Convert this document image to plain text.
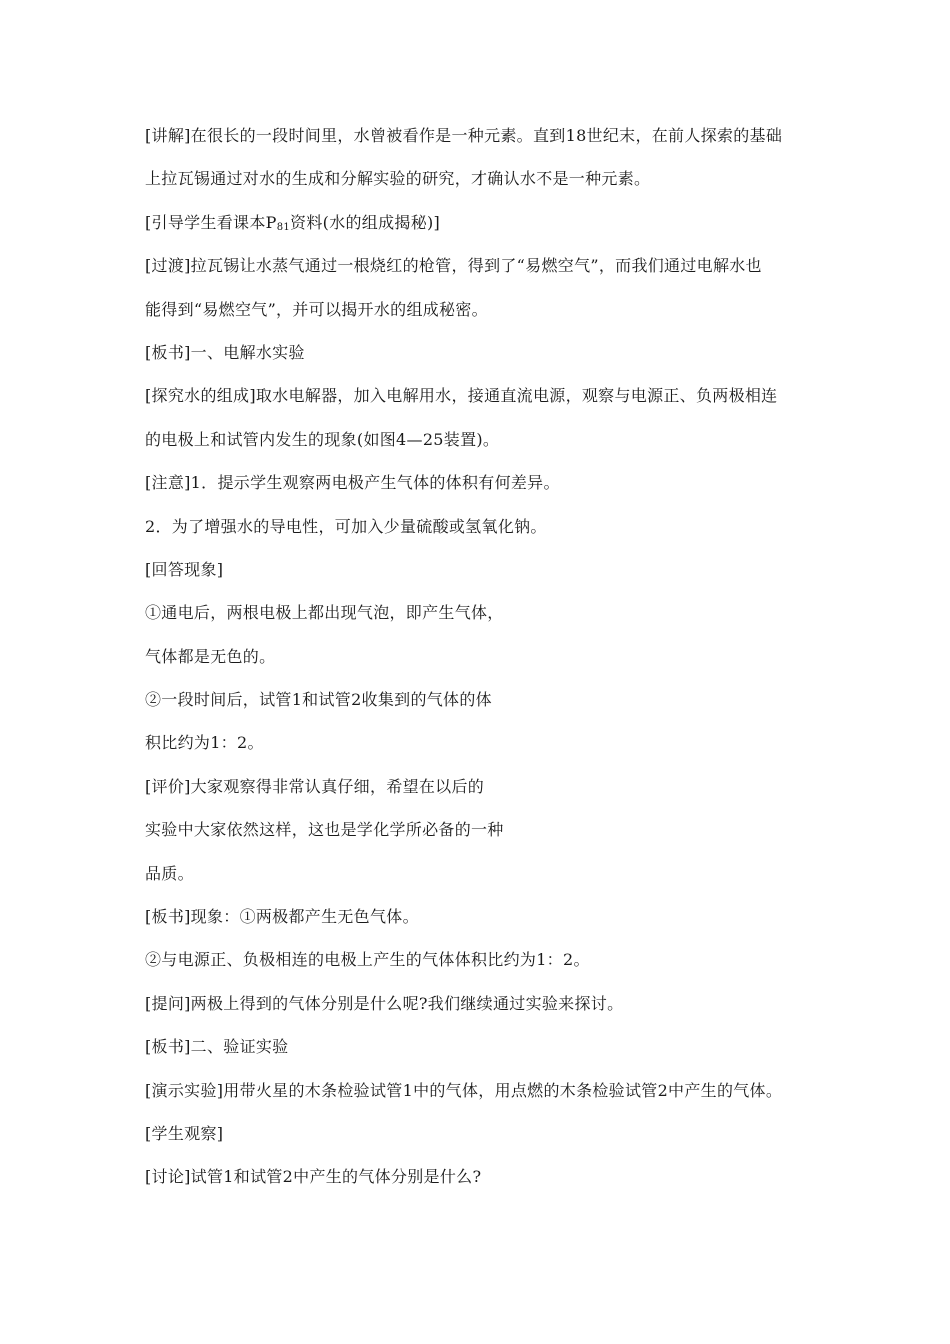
[讲解]在很长的一段时间里，水曾被看作是一种元素。直到18世纪末，在前人探索的基础
上拉瓦锡通过对水的生成和分解实验的研究，才确认水不是一种元素。
[引导学生看课本$P_{81}$资料(水的组成揭秘)]
[过渡]拉瓦锡让水蒸气通过一根烧红的枪管，得到了“易燃空气”，而我们通过电解水也
能得到“易燃空气”，并可以揭开水的组成秘密。
[板书]一、电解水实验
[探究水的组成]取水电解器，加入电解用水，接通直流电源，观察与电源正、负两极相连
的电极上和试管内发生的现象(如图4—25装置)。
[注意]1．提示学生观察两电极产生气体的体积有何差异。
2．为了增强水的导电性，可加入少量硫酸或氢氧化钠。
[回答现象]
①通电后，两根电极上都出现气泡，即产生气体，
气体都是无色的。
②一段时间后，试管1和试管2收集到的气体的体
积比约为1：2。
[评价]大家观察得非常认真仔细，希望在以后的
实验中大家依然这样，这也是学化学所必备的一种
品质。
[板书]现象：①两极都产生无色气体。
②与电源正、负极相连的电极上产生的气体体积比约为1：2。
[提问]两极上得到的气体分别是什么呢?我们继续通过实验来探讨。
[板书]二、验证实验
[演示实验]用带火星的木条检验试管1中的气体，用点燃的木条检验试管2中产生的气体。
[学生观察]
[讨论]试管1和试管2中产生的气体分别是什么?
